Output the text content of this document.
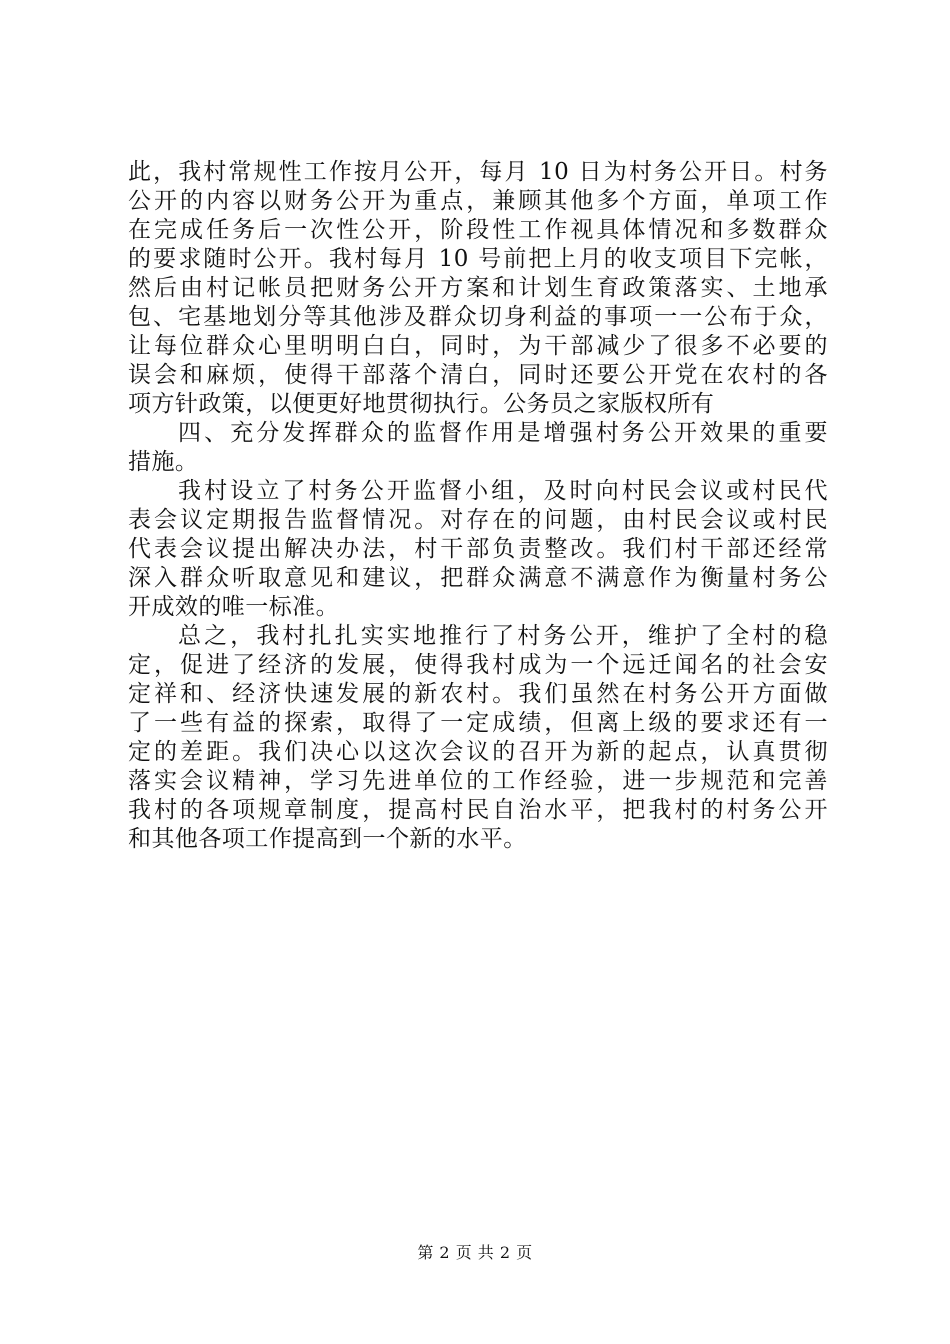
此，我村常规性工作按月公开，每月 10 日为村务公开日。村务
公开的内容以财务公开为重点，兼顾其他多个方面，单项工作
在完成任务后一次性公开，阶段性工作视具体情况和多数群众
的要求随时公开。我村每月 10 号前把上月的收支项目下完帐，
然后由村记帐员把财务公开方案和计划生育政策落实、土地承
包、宅基地划分等其他涉及群众切身利益的事项一一公布于众，
让每位群众心里明明白白，同时，为干部减少了很多不必要的
误会和麻烦，使得干部落个清白，同时还要公开党在农村的各
项方针政策，以便更好地贯彻执行。公务员之家版权所有
四、充分发挥群众的监督作用是增强村务公开效果的重要
措施。
我村设立了村务公开监督小组，及时向村民会议或村民代
表会议定期报告监督情况。对存在的问题，由村民会议或村民
代表会议提出解决办法，村干部负责整改。我们村干部还经常
深入群众听取意见和建议，把群众满意不满意作为衡量村务公
开成效的唯一标准。
总之，我村扎扎实实地推行了村务公开，维护了全村的稳
定，促进了经济的发展，使得我村成为一个远迁闻名的社会安
定祥和、经济快速发展的新农村。我们虽然在村务公开方面做
了一些有益的探索，取得了一定成绩，但离上级的要求还有一
定的差距。我们决心以这次会议的召开为新的起点，认真贯彻
落实会议精神，学习先进单位的工作经验，进一步规范和完善
我村的各项规章制度，提高村民自治水平，把我村的村务公开
和其他各项工作提高到一个新的水平。
第 2 页 共 2 页
